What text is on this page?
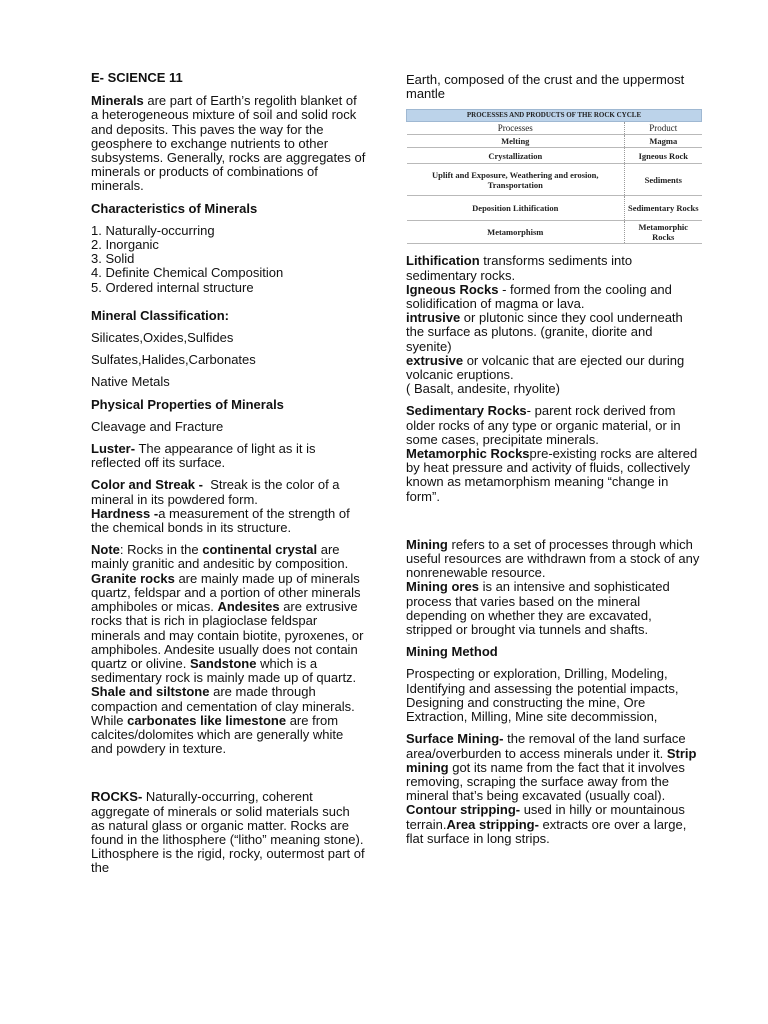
E- SCIENCE 11

Minerals are part of Earth’s regolith blanket of a heterogeneous mixture of soil and solid rock and deposits. This paves the way for the geosphere to exchange nutrients to other subsystems. Generally, rocks are aggregates of minerals or products of combinations of minerals.

Characteristics of Minerals

1. Naturally-occurring

2. Inorganic

3. Solid

4. Definite Chemical Composition

5. Ordered internal structure

Mineral Classification:

Silicates,Oxides,Sulfides

Sulfates,Halides,Carbonates

Native Metals

Physical Properties of Minerals

Cleavage and Fracture

Luster- The appearance of light as it is reflected off its surface.

Color and Streak -  Streak is the color of a mineral in its powdered form.

Hardness -a measurement of the strength of the chemical bonds in its structure.

Note: Rocks in the continental crystal are mainly granitic and andesitic by composition. Granite rocks are mainly made up of minerals quartz, feldspar and a portion of other minerals amphiboles or micas. Andesites are extrusive rocks that is rich in plagioclase feldspar minerals and may contain biotite, pyroxenes, or amphiboles. Andesite usually does not contain quartz or olivine. Sandstone which is a sedimentary rock is mainly made up of quartz. Shale and siltstone are made through compaction and cementation of clay minerals. While carbonates like limestone are from calcites/dolomites which are generally white and powdery in texture.

ROCKS- Naturally-occurring, coherent aggregate of minerals or solid materials such as natural glass or organic matter. Rocks are found in the lithosphere (“litho” meaning stone). Lithosphere is the rigid, rocky, outermost part of the

Earth, composed of the crust and the uppermost mantle

PROCESSES AND PRODUCTS OF THE ROCK CYCLE	
Processes	Product
Melting	Magma
Crystallization	Igneous Rock
Uplift and Exposure, Weathering and erosion, Transportation	Sediments
Deposition Lithification	Sedimentary Rocks
Metamorphism	Metamorphic Rocks

Lithification transforms sediments into sedimentary rocks.

Igneous Rocks - formed from the cooling and solidification of magma or lava.

intrusive or plutonic since they cool underneath the surface as plutons. (granite, diorite and syenite)

extrusive or volcanic that are ejected our during volcanic eruptions.

( Basalt, andesite, rhyolite)

Sedimentary Rocks- parent rock derived from older rocks of any type or organic material, or in some cases, precipitate minerals.

Metamorphic Rockspre-existing rocks are altered by heat pressure and activity of fluids, collectively known as metamorphism meaning “change in form”.

Mining refers to a set of processes through which useful resources are withdrawn from a stock of any nonrenewable resource.

Mining ores is an intensive and sophisticated process that varies based on the mineral depending on whether they are excavated, stripped or brought via tunnels and shafts.

Mining Method

Prospecting or exploration, Drilling, Modeling, Identifying and assessing the potential impacts, Designing and constructing the mine, Ore Extraction, Milling, Mine site decommission,

Surface Mining- the removal of the land surface area/overburden to access minerals under it. Strip mining got its name from the fact that it involves removing, scraping the surface away from the mineral that’s being excavated (usually coal). Contour stripping- used in hilly or mountainous terrain.Area stripping- extracts ore over a large, flat surface in long strips.
